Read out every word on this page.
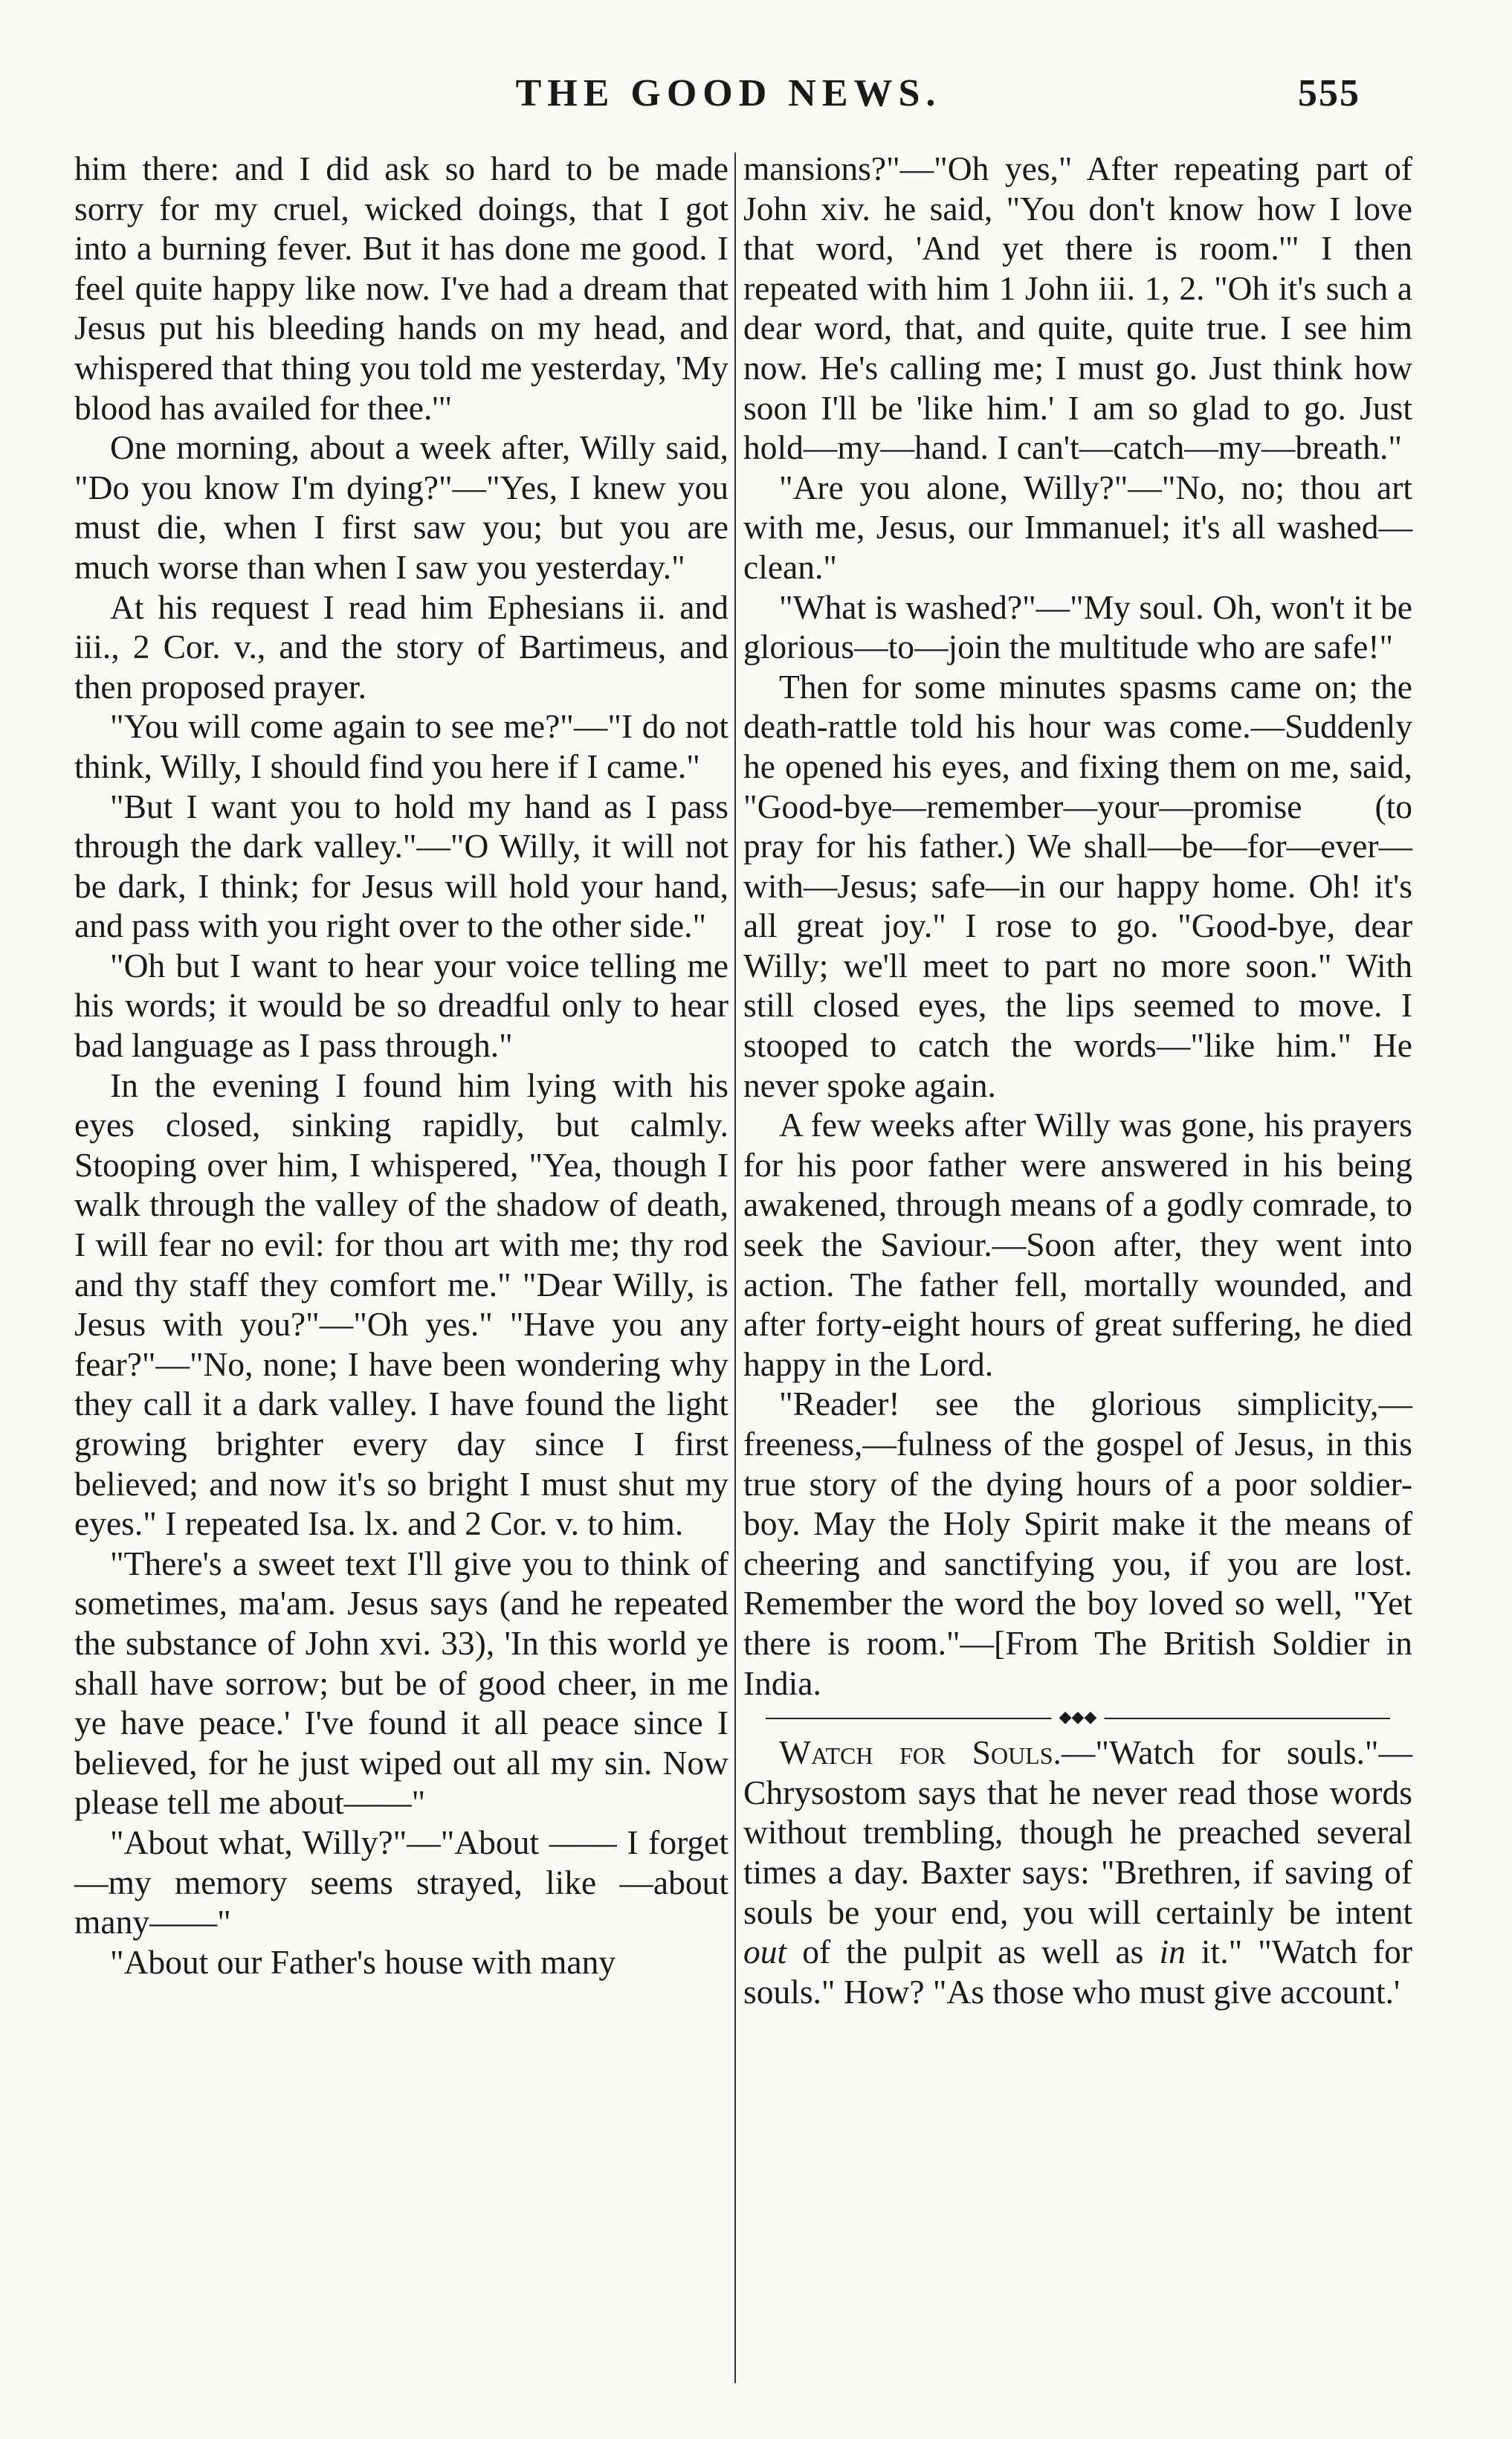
THE GOOD NEWS.	555

him there: and I did ask so hard to be made sorry for my cruel, wicked doings, that I got into a burning fever. But it has done me good. I feel quite happy like now. I've had a dream that Jesus put his bleeding hands on my head, and whispered that thing you told me yesterday, 'My blood has availed for thee.'"

One morning, about a week after, Willy said, "Do you know I'm dying?"—"Yes, I knew you must die, when I first saw you; but you are much worse than when I saw you yesterday."

At his request I read him Ephesians ii. and iii., 2 Cor. v., and the story of Bartimeus, and then proposed prayer.

"You will come again to see me?"—"I do not think, Willy, I should find you here if I came."

"But I want you to hold my hand as I pass through the dark valley."—"O Willy, it will not be dark, I think; for Jesus will hold your hand, and pass with you right over to the other side."

"Oh but I want to hear your voice telling me his words; it would be so dreadful only to hear bad language as I pass through."

In the evening I found him lying with his eyes closed, sinking rapidly, but calmly. Stooping over him, I whispered, "Yea, though I walk through the valley of the shadow of death, I will fear no evil: for thou art with me; thy rod and thy staff they comfort me." "Dear Willy, is Jesus with you?"—"Oh yes." "Have you any fear?"—"No, none; I have been wondering why they call it a dark valley. I have found the light growing brighter every day since I first believed; and now it's so bright I must shut my eyes." I repeated Isa. lx. and 2 Cor. v. to him.

"There's a sweet text I'll give you to think of sometimes, ma'am. Jesus says (and he repeated the substance of John xvi. 33), 'In this world ye shall have sorrow; but be of good cheer, in me ye have peace.' I've found it all peace since I believed, for he just wiped out all my sin. Now please tell me about——"

"About what, Willy?"—"About —— I forget—my memory seems strayed, like —about many——"

"About our Father's house with many

mansions?"—"Oh yes," After repeating part of John xiv. he said, "You don't know how I love that word, 'And yet there is room.'" I then repeated with him 1 John iii. 1, 2. "Oh it's such a dear word, that, and quite, quite true. I see him now. He's calling me; I must go. Just think how soon I'll be 'like him.' I am so glad to go. Just hold—my—hand. I can't—catch—my—breath."

"Are you alone, Willy?"—"No, no; thou art with me, Jesus, our Immanuel; it's all washed—clean."

"What is washed?"—"My soul. Oh, won't it be glorious—to—join the multitude who are safe!"

Then for some minutes spasms came on; the death-rattle told his hour was come.—Suddenly he opened his eyes, and fixing them on me, said, "Good-bye—remember—your—promise (to pray for his father.) We shall—be—for—ever—with—Jesus; safe—in our happy home. Oh! it's all great joy." I rose to go. "Good-bye, dear Willy; we'll meet to part no more soon." With still closed eyes, the lips seemed to move. I stooped to catch the words—"like him." He never spoke again.

A few weeks after Willy was gone, his prayers for his poor father were answered in his being awakened, through means of a godly comrade, to seek the Saviour.—Soon after, they went into action. The father fell, mortally wounded, and after forty-eight hours of great suffering, he died happy in the Lord.

"Reader! see the glorious simplicity,—freeness,—fulness of the gospel of Jesus, in this true story of the dying hours of a poor soldier-boy. May the Holy Spirit make it the means of cheering and sanctifying you, if you are lost. Remember the word the boy loved so well, "Yet there is room."—[From The British Soldier in India.

◆◆◆

Watch for Souls.—"Watch for souls."—Chrysostom says that he never read those words without trembling, though he preached several times a day. Baxter says: "Brethren, if saving of souls be your end, you will certainly be intent out of the pulpit as well as in it." "Watch for souls." How? "As those who must give account.'
